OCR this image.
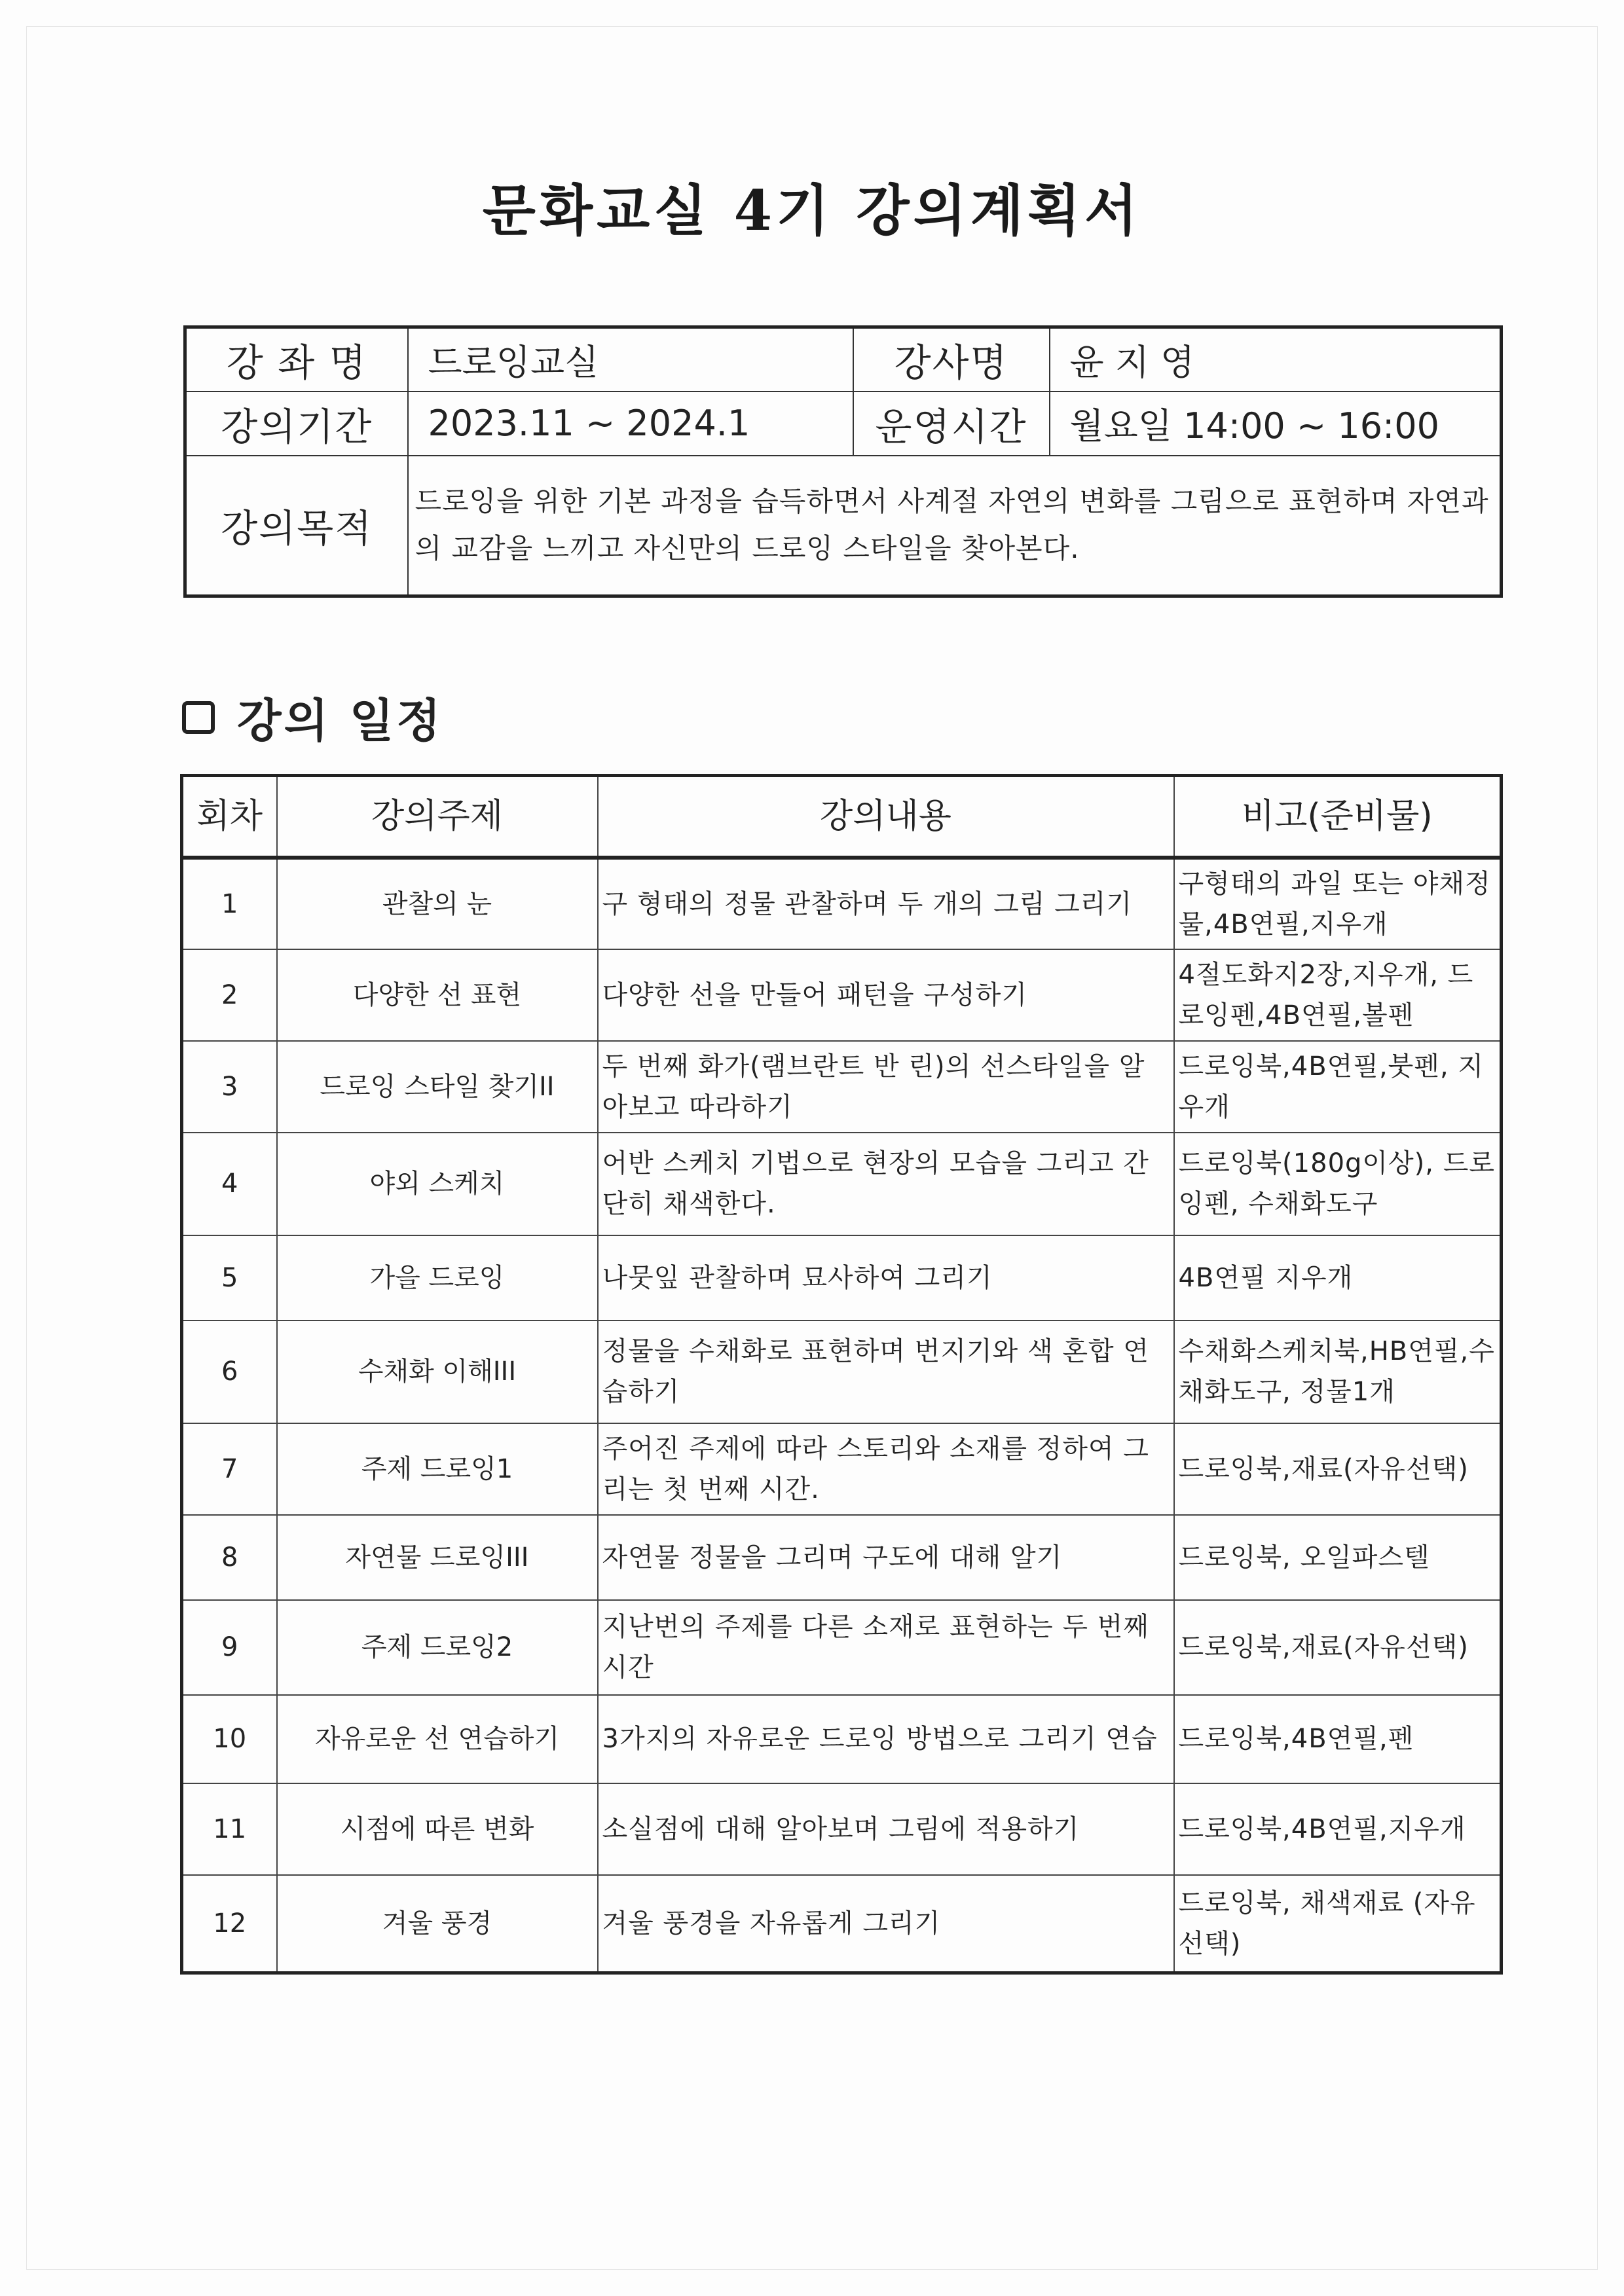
문화교실 4기 강의계획서
강 좌 명	드로잉교실	강사명	윤 지 영
강의기간	2023.11 ~ 2024.1	운영시간	월요일 14:00 ~ 16:00
강의목적	드로잉을 위한 기본 과정을 습득하면서 사계절 자연의 변화를 그림으로 표현하며 자연과의 교감을 느끼고 자신만의 드로잉 스타일을 찾아본다.		
강의 일정
회차	강의주제	강의내용	비고(준비물)
1	관찰의 눈	구 형태의 정물 관찰하며 두 개의 그림 그리기	구형태의 과일 또는 야채정물,4B연필,지우개
2	다양한 선 표현	다양한 선을 만들어 패턴을 구성하기	4절도화지2장,지우개, 드로잉펜,4B연필,볼펜
3	드로잉 스타일 찾기II	두 번째 화가(램브란트 반 린)의 선스타일을 알아보고 따라하기	드로잉북,4B연필,붓펜, 지우개
4	야외 스케치	어반 스케치 기법으로 현장의 모습을 그리고 간단히 채색한다.	드로잉북(180g이상), 드로잉펜, 수채화도구
5	가을 드로잉	나뭇잎 관찰하며 묘사하여 그리기	4B연필 지우개
6	수채화 이해III	정물을 수채화로 표현하며 번지기와 색 혼합 연습하기	수채화스케치북,HB연필,수채화도구, 정물1개
7	주제 드로잉1	주어진 주제에 따라 스토리와 소재를 정하여 그리는 첫 번째 시간.	드로잉북,재료(자유선택)
8	자연물 드로잉III	자연물 정물을 그리며 구도에 대해 알기	드로잉북, 오일파스텔
9	주제 드로잉2	지난번의 주제를 다른 소재로 표현하는 두 번째 시간	드로잉북,재료(자유선택)
10	자유로운 선 연습하기	3가지의 자유로운 드로잉 방법으로 그리기 연습	드로잉북,4B연필,펜
11	시점에 따른 변화	소실점에 대해 알아보며 그림에 적용하기	드로잉북,4B연필,지우개
12	겨울 풍경	겨울 풍경을 자유롭게 그리기	드로잉북, 채색재료 (자유선택)
